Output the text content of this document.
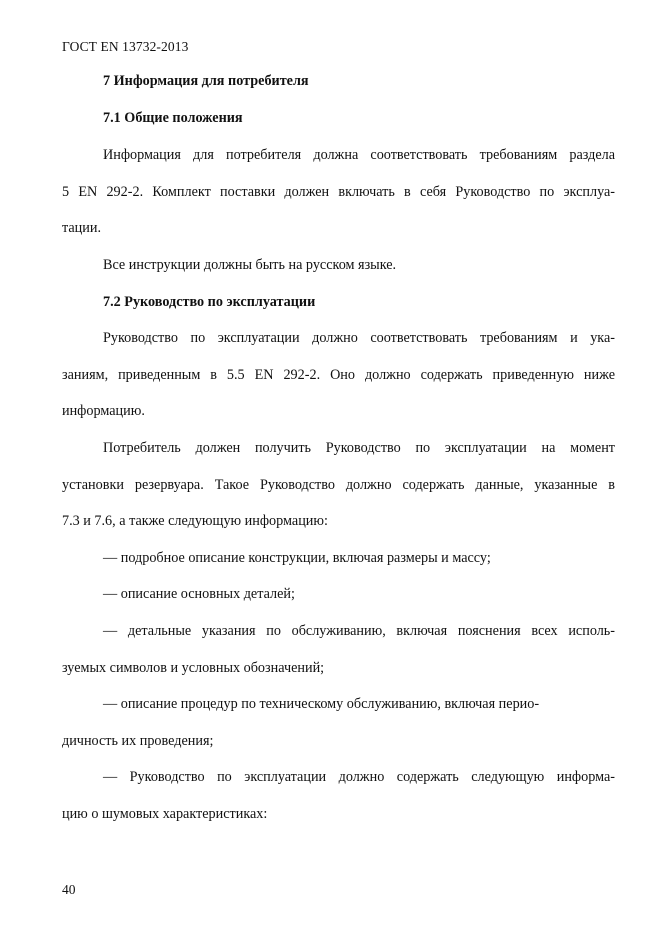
ГОСТ EN 13732-2013
7 Информация для потребителя
7.1 Общие положения
Информация для потребителя должна соответствовать требованиям раздела
5 EN 292-2. Комплект поставки должен включать в себя Руководство по эксплуа-
тации.
Все инструкции должны быть на русском языке.
7.2 Руководство по эксплуатации
Руководство по эксплуатации должно соответствовать требованиям и ука-
заниям, приведенным в 5.5 EN 292-2. Оно должно содержать приведенную ниже
информацию.
Потребитель должен получить Руководство по эксплуатации на момент
установки резервуара. Такое Руководство должно содержать данные, указанные в
7.3 и 7.6, а также следующую информацию:
— подробное описание конструкции, включая размеры и массу;
— описание основных деталей;
— детальные указания по обслуживанию, включая пояснения всех исполь-
зуемых символов и условных обозначений;
— описание процедур по техническому обслуживанию, включая перио-
дичность их проведения;
— Руководство по эксплуатации должно содержать следующую информа-
цию о шумовых характеристиках:
40
